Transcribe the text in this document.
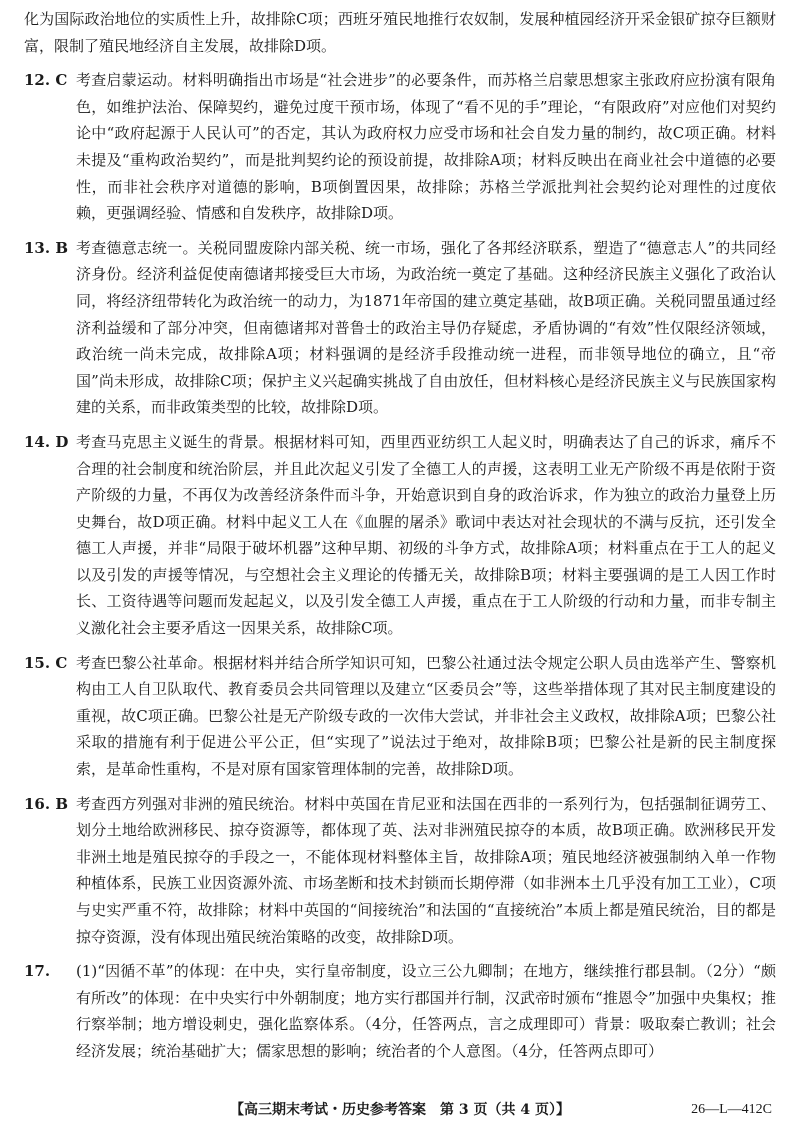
化为国际政治地位的实质性上升，故排除C项；西班牙殖民地推行农奴制，发展种植园经济开采金银矿掠夺巨额财富，限制了殖民地经济自主发展，故排除D项。

12. C 考查启蒙运动。材料明确指出市场是“社会进步”的必要条件，而苏格兰启蒙思想家主张政府应扮演有限角色，如维护法治、保障契约，避免过度干预市场，体现了“看不见的手”理论，“有限政府”对应他们对契约论中“政府起源于人民认可”的否定，其认为政府权力应受市场和社会自发力量的制约，故C项正确。材料未提及“重构政治契约”，而是批判契约论的预设前提，故排除A项；材料反映出在商业社会中道德的必要性，而非社会秩序对道德的影响，B项倒置因果，故排除；苏格兰学派批判社会契约论对理性的过度依赖，更强调经验、情感和自发秩序，故排除D项。
13. B 考查德意志统一。关税同盟废除内部关税、统一市场，强化了各邦经济联系，塑造了“德意志人”的共同经济身份。经济利益促使南德诸邦接受巨大市场，为政治统一奠定了基础。这种经济民族主义强化了政治认同，将经济纽带转化为政治统一的动力，为1871年帝国的建立奠定基础，故B项正确。关税同盟虽通过经济利益缓和了部分冲突，但南德诸邦对普鲁士的政治主导仍存疑虑，矛盾协调的“有效”性仅限经济领域，政治统一尚未完成，故排除A项；材料强调的是经济手段推动统一进程，而非领导地位的确立，且“帝国”尚未形成，故排除C项；保护主义兴起确实挑战了自由放任，但材料核心是经济民族主义与民族国家构建的关系，而非政策类型的比较，故排除D项。
14. D 考查马克思主义诞生的背景。根据材料可知，西里西亚纺织工人起义时，明确表达了自己的诉求，痛斥不合理的社会制度和统治阶层，并且此次起义引发了全德工人的声援，这表明工业无产阶级不再是依附于资产阶级的力量，不再仅为改善经济条件而斗争，开始意识到自身的政治诉求，作为独立的政治力量登上历史舞台，故D项正确。材料中起义工人在《血腥的屠杀》歌词中表达对社会现状的不满与反抗，还引发全德工人声援，并非“局限于破坏机器”这种早期、初级的斗争方式，故排除A项；材料重点在于工人的起义以及引发的声援等情况，与空想社会主义理论的传播无关，故排除B项；材料主要强调的是工人因工作时长、工资待遇等问题而发起起义，以及引发全德工人声援，重点在于工人阶级的行动和力量，而非专制主义激化社会主要矛盾这一因果关系，故排除C项。
15. C 考查巴黎公社革命。根据材料并结合所学知识可知，巴黎公社通过法令规定公职人员由选举产生、警察机构由工人自卫队取代、教育委员会共同管理以及建立“区委员会”等，这些举措体现了其对民主制度建设的重视，故C项正确。巴黎公社是无产阶级专政的一次伟大尝试，并非社会主义政权，故排除A项；巴黎公社采取的措施有利于促进公平公正，但“实现了”说法过于绝对，故排除B项；巴黎公社是新的民主制度探索，是革命性重构，不是对原有国家管理体制的完善，故排除D项。
16. B 考查西方列强对非洲的殖民统治。材料中英国在肯尼亚和法国在西非的一系列行为，包括强制征调劳工、划分土地给欧洲移民、掠夺资源等，都体现了英、法对非洲殖民掠夺的本质，故B项正确。欧洲移民开发非洲土地是殖民掠夺的手段之一，不能体现材料整体主旨，故排除A项；殖民地经济被强制纳入单一作物种植体系，民族工业因资源外流、市场垄断和技术封锁而长期停滞（如非洲本土几乎没有加工工业），C项与史实严重不符，故排除；材料中英国的“间接统治”和法国的“直接统治”本质上都是殖民统治，目的都是掠夺资源，没有体现出殖民统治策略的改变，故排除D项。
17.	(1)“因循不革”的体现：在中央，实行皇帝制度，设立三公九卿制；在地方，继续推行郡县制。（2分）“颇有所改”的体现：在中央实行中外朝制度；地方实行郡国并行制，汉武帝时颁布“推恩令”加强中央集权；推行察举制；地方增设刺史，强化监察体系。（4分，任答两点，言之成理即可）背景：吸取秦亡教训；社会经济发展；统治基础扩大；儒家思想的影响；统治者的个人意图。（4分，任答两点即可）
【高三期末考试・历史参考答案　第 3 页（共 4 页）】	26—L—412C
